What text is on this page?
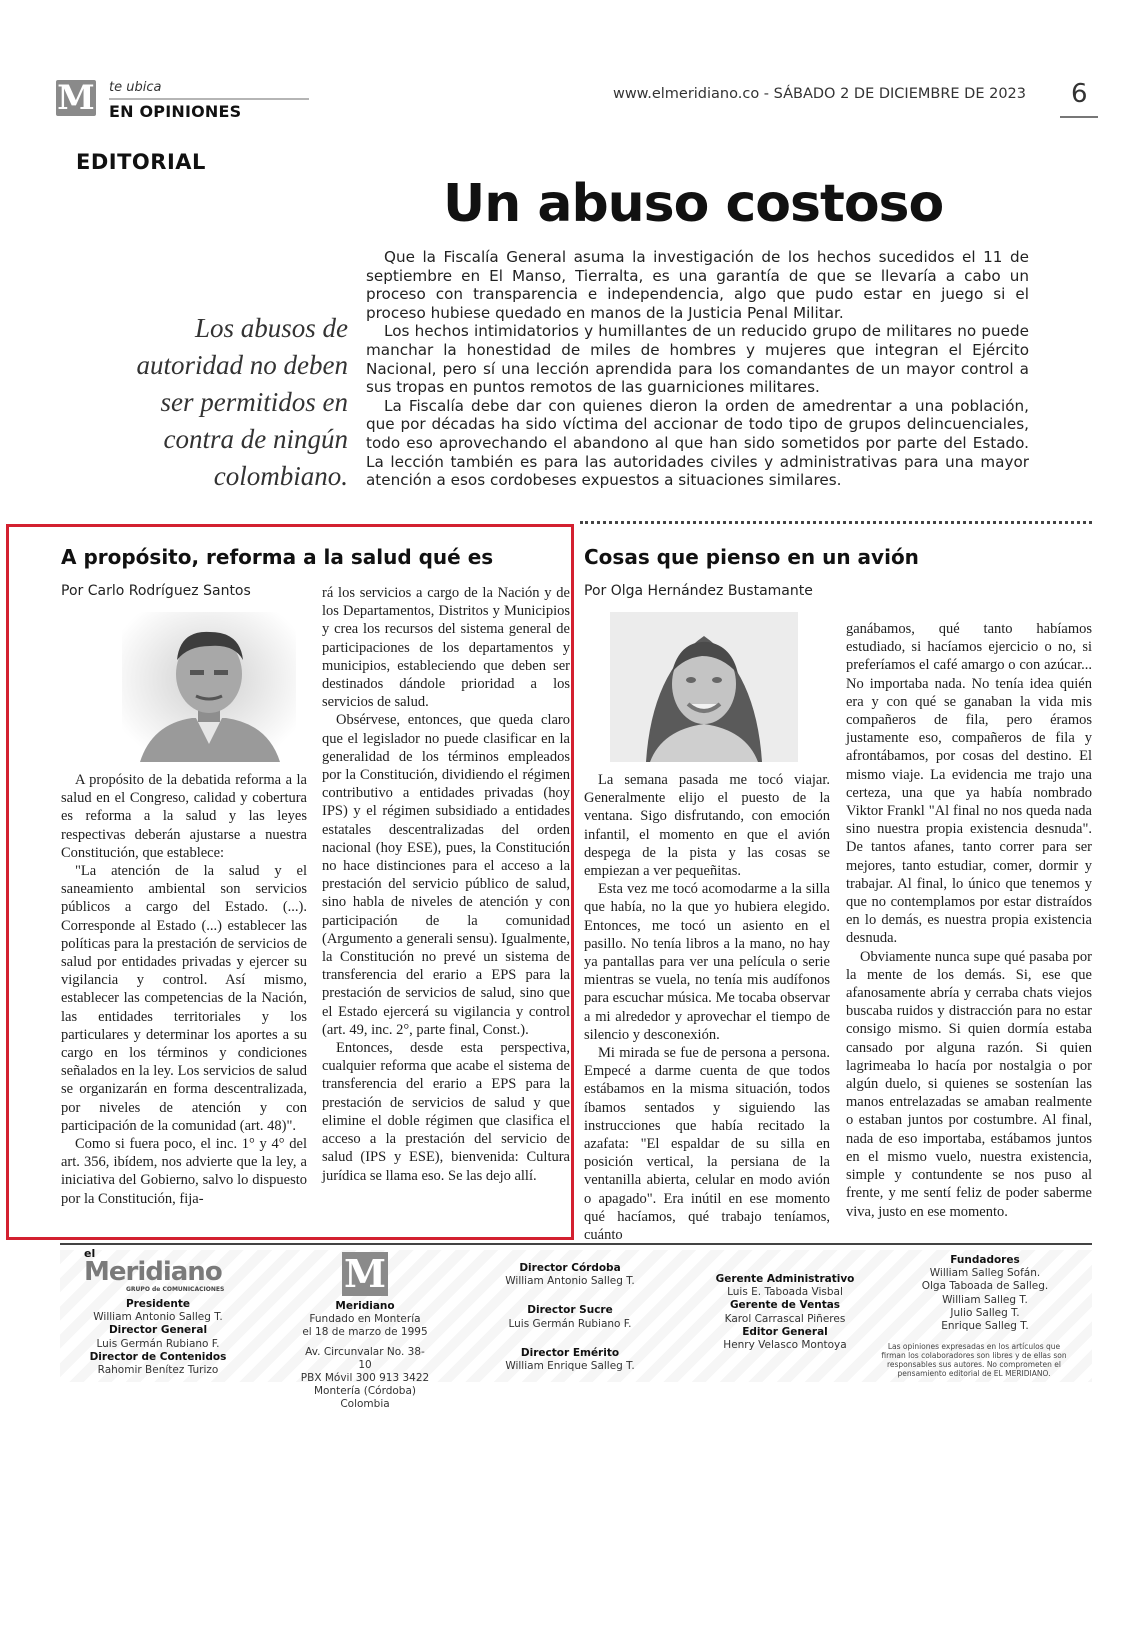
M te ubica
EN OPINIONES
www.elmeridiano.co - SÁBADO 2 DE DICIEMBRE DE 2023 6
EDITORIAL
Un abuso costoso
Los abusos de autoridad no deben ser permitidos en contra de ningún colombiano.

Que la Fiscalía General asuma la investigación de los hechos sucedidos el 11 de septiembre en El Manso, Tierralta, es una garantía de que se llevaría a cabo un proceso con transparencia e independencia, algo que pudo estar en juego si el proceso hubiese quedado en manos de la Justicia Penal Militar.

Los hechos intimidatorios y humillantes de un reducido grupo de militares no puede manchar la honestidad de miles de hombres y mujeres que integran el Ejército Nacional, pero sí una lección aprendida para los comandantes de un mayor control a sus tropas en puntos remotos de las guarniciones militares.

La Fiscalía debe dar con quienes dieron la orden de amedrentar a una población, que por décadas ha sido víctima del accionar de todo tipo de grupos delincuenciales, todo eso aprovechando el abandono al que han sido sometidos por parte del Estado. La lección también es para las autoridades civiles y administrativas para una mayor atención a esos cordobeses expuestos a situaciones similares.

A propósito, reforma a la salud qué es
Por Carlo Rodríguez Santos

A propósito de la debatida reforma a la salud en el Congreso, calidad y cobertura es reforma a la salud y las leyes respectivas deberán ajustarse a nuestra Constitución, que establece:

"La atención de la salud y el saneamiento ambiental son servicios públicos a cargo del Estado. (...). Corresponde al Estado (...) establecer las políticas para la prestación de servicios de salud por entidades privadas y ejercer su vigilancia y control. Así mismo, establecer las competencias de la Nación, las entidades territoriales y los particulares y determinar los aportes a su cargo en los términos y condiciones señalados en la ley. Los servicios de salud se organizarán en forma descentralizada, por niveles de atención y con participación de la comunidad (art. 48)".

Como si fuera poco, el inc. 1° y 4° del art. 356, ibídem, nos advierte que la ley, a iniciativa del Gobierno, salvo lo dispuesto por la Constitución, fija-

rá los servicios a cargo de la Nación y de los Departamentos, Distritos y Municipios y crea los recursos del sistema general de participaciones de los departamentos y municipios, estableciendo que deben ser destinados dándole prioridad a los servicios de salud.

Obsérvese, entonces, que queda claro que el legislador no puede clasificar en la generalidad de los términos empleados por la Constitución, dividiendo el régimen contributivo a entidades privadas (hoy IPS) y el régimen subsidiado a entidades estatales descentralizadas del orden nacional (hoy ESE), pues, la Constitución no hace distinciones para el acceso a la prestación del servicio público de salud, sino habla de niveles de atención y con participación de la comunidad (Argumento a generali sensu). Igualmente, la Constitución no prevé un sistema de transferencia del erario a EPS para la prestación de servicios de salud, sino que el Estado ejercerá su vigilancia y control (art. 49, inc. 2°, parte final, Const.).

Entonces, desde esta perspectiva, cualquier reforma que acabe el sistema de transferencia del erario a EPS para la prestación de servicios de salud y que elimine el doble régimen que clasifica el acceso a la prestación del servicio de salud (IPS y ESE), bienvenida: Cultura jurídica se llama eso. Se las dejo allí.

Cosas que pienso en un avión
Por Olga Hernández Bustamante

La semana pasada me tocó viajar. Generalmente elijo el puesto de la ventana. Sigo disfrutando, con emoción infantil, el momento en que el avión despega de la pista y las cosas se empiezan a ver pequeñitas.

Esta vez me tocó acomodarme a la silla que había, no la que yo hubiera elegido. Entonces, me tocó un asiento en el pasillo. No tenía libros a la mano, no hay ya pantallas para ver una película o serie mientras se vuela, no tenía mis audífonos para escuchar música. Me tocaba observar a mi alrededor y aprovechar el tiempo de silencio y desconexión.

Mi mirada se fue de persona a persona. Empecé a darme cuenta de que todos estábamos en la misma situación, todos íbamos sentados y siguiendo las instrucciones que había recitado la azafata: "El espaldar de su silla en posición vertical, la persiana de la ventanilla abierta, celular en modo avión o apagado". Era inútil en ese momento qué hacíamos, qué trabajo teníamos, cuánto

ganábamos, qué tanto habíamos estudiado, si hacíamos ejercicio o no, si preferíamos el café amargo o con azúcar... No importaba nada. No tenía idea quién era y con qué se ganaban la vida mis compañeros de fila, pero éramos justamente eso, compañeros de fila y afrontábamos, por cosas del destino. El mismo viaje. La evidencia me trajo una certeza, una que ya había nombrado Viktor Frankl "Al final no nos queda nada sino nuestra propia existencia desnuda". De tantos afanes, tanto correr para ser mejores, tanto estudiar, comer, dormir y trabajar. Al final, lo único que tenemos y que no contemplamos por estar distraídos en lo demás, es nuestra propia existencia desnuda.

Obviamente nunca supe qué pasaba por la mente de los demás. Si, ese que afanosamente abría y cerraba chats viejos buscaba ruidos y distracción para no estar consigo mismo. Si quien dormía estaba cansado por alguna razón. Si quien lagrimeaba lo hacía por nostalgia o por algún duelo, si quienes se sostenían las manos entrelazadas se amaban realmente o estaban juntos por costumbre. Al final, nada de eso importaba, estábamos juntos en el mismo vuelo, nuestra existencia, simple y contundente se nos puso al frente, y me sentí feliz de poder saberme viva, justo en ese momento.

el
Meridiano
GRUPO de COMUNICACIONES
Presidente
William Antonio Salleg T.
Director General
Luis Germán Rubiano F.
Director de Contenidos
Rahomir Benítez Turizo
M
Meridiano
Fundado en Montería
el 18 de marzo de 1995
Av. Circunvalar No. 38-10
PBX Móvil 300 913 3422
Montería (Córdoba) Colombia
Director Córdoba
William Antonio Salleg T.
Director Sucre
Luis Germán Rubiano F.
Director Emérito
William Enrique Salleg T.
Gerente Administrativo
Luis E. Taboada Visbal
Gerente de Ventas
Karol Carrascal Piñeres
Editor General
Henry Velasco Montoya
Fundadores
William Salleg Sofán.
Olga Taboada de Salleg.
William Salleg T.
Julio Salleg T.
Enrique Salleg T.
Las opiniones expresadas en los artículos que firman los colaboradores son libres y de ellas son responsables sus autores. No comprometen el pensamiento editorial de EL MERIDIANO.
